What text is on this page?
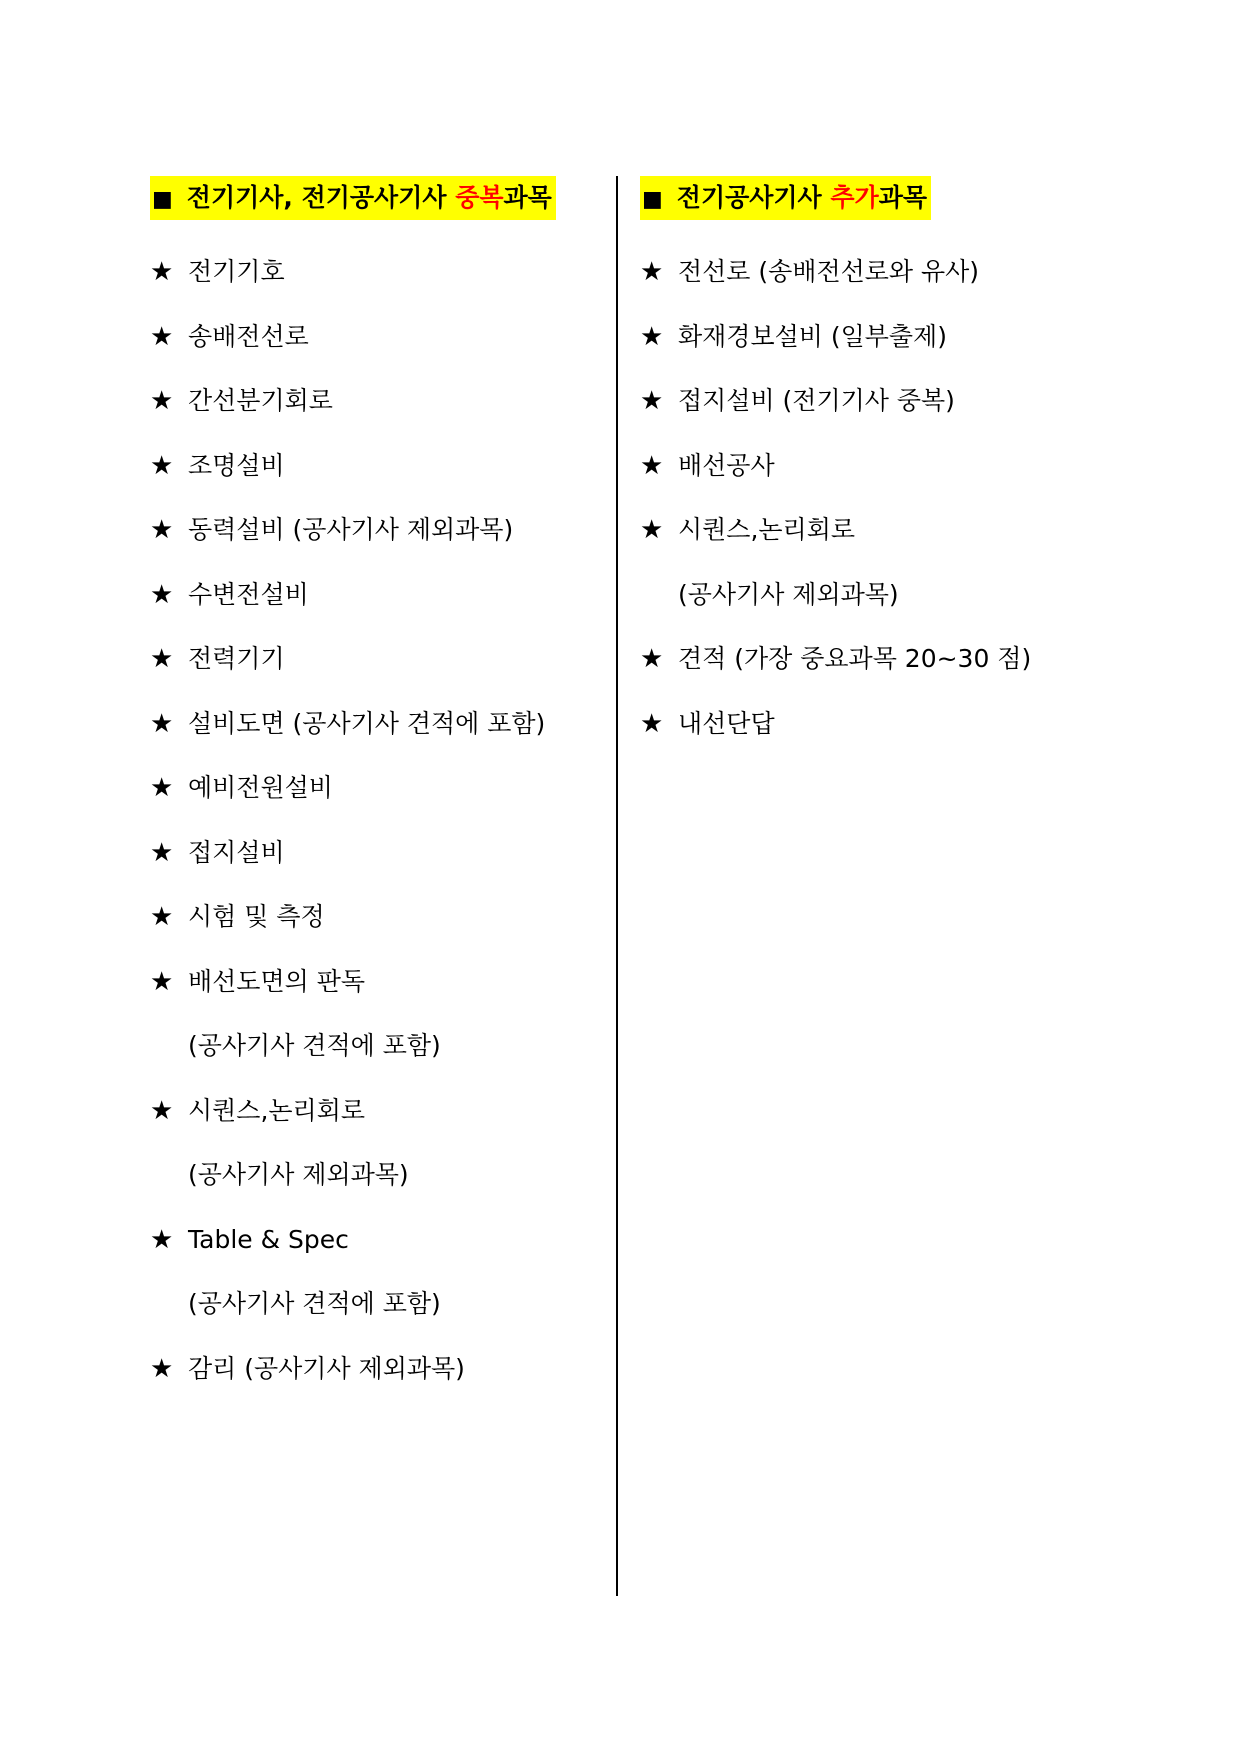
■ 전기기사, 전기공사기사 중복과목
★ 전기기호
★ 송배전선로
★ 간선분기회로
★ 조명설비
★ 동력설비 (공사기사 제외과목)
★ 수변전설비
★ 전력기기
★ 설비도면 (공사기사 견적에 포함)
★ 예비전원설비
★ 접지설비
★ 시험 및 측정
★ 배선도면의 판독
(공사기사 견적에 포함)
★ 시퀀스,논리회로
(공사기사 제외과목)
★ Table & Spec
(공사기사 견적에 포함)
★ 감리 (공사기사 제외과목)
■ 전기공사기사 추가과목
★ 전선로 (송배전선로와 유사)
★ 화재경보설비 (일부출제)
★ 접지설비 (전기기사 중복)
★ 배선공사
★ 시퀀스,논리회로
(공사기사 제외과목)
★ 견적 (가장 중요과목 20~30 점)
★ 내선단답
